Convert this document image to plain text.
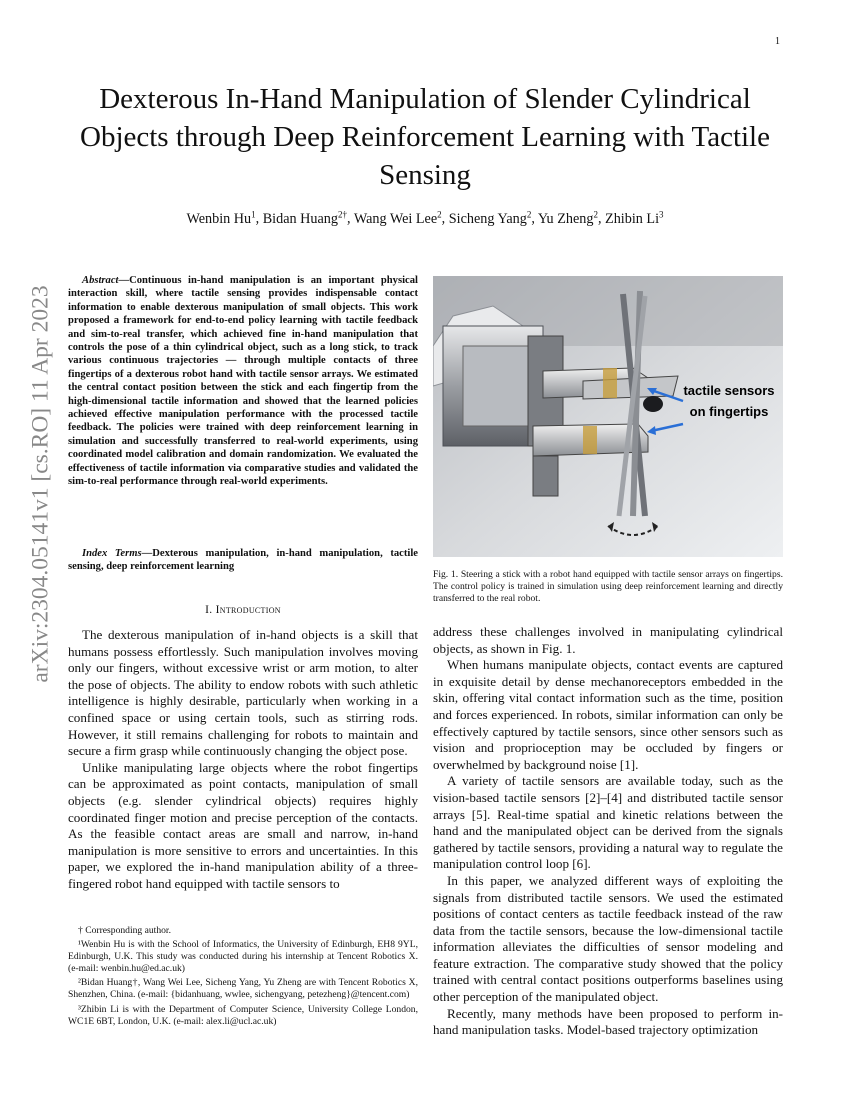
1
Dexterous In-Hand Manipulation of Slender Cylindrical Objects through Deep Reinforcement Learning with Tactile Sensing
Wenbin Hu$^1$, Bidan Huang$^{2\dagger}$, Wang Wei Lee$^2$, Sicheng Yang$^2$, Yu Zheng$^2$, Zhibin Li$^3$
arXiv:2304.05141v1 [cs.RO] 11 Apr 2023

Abstract—Continuous in-hand manipulation is an important physical interaction skill, where tactile sensing provides indispensable contact information to enable dexterous manipulation of small objects. This work proposed a framework for end-to-end policy learning with tactile feedback and sim-to-real transfer, which achieved fine in-hand manipulation that controls the pose of a thin cylindrical object, such as a long stick, to track various continuous trajectories — through multiple contacts of three fingertips of a dexterous robot hand with tactile sensor arrays. We estimated the central contact position between the stick and each fingertip from the high-dimensional tactile information and showed that the learned policies achieved effective manipulation performance with the processed tactile feedback. The policies were trained with deep reinforcement learning in simulation and successfully transferred to real-world experiments, using coordinated model calibration and domain randomization. We evaluated the effectiveness of tactile information via comparative studies and validated the sim-to-real performance through real-world experiments.

Index Terms—Dexterous manipulation, in-hand manipulation, tactile sensing, deep reinforcement learning

I. Introduction

The dexterous manipulation of in-hand objects is a skill that humans possess effortlessly. Such manipulation involves moving only our fingers, without excessive wrist or arm motion, to alter the pose of objects. The ability to endow robots with such athletic intelligence is highly desirable, particularly when working in a confined space or using certain tools, such as stirring rods. However, it still remains challenging for robots to maintain and secure a firm grasp while continuously changing the object pose.

Unlike manipulating large objects where the robot fingertips can be approximated as point contacts, manipulation of small objects (e.g. slender cylindrical objects) requires highly coordinated finger motion and precise perception of the contacts. As the feasible contact areas are small and narrow, in-hand manipulation is more sensitive to errors and uncertainties. In this paper, we explored the in-hand manipulation ability of a three-fingered robot hand equipped with tactile sensors to

† Corresponding author.

¹Wenbin Hu is with the School of Informatics, the University of Edinburgh, EH8 9YL, Edinburgh, U.K. This study was conducted during his internship at Tencent Robotics X. (e-mail: wenbin.hu@ed.ac.uk)

²Bidan Huang†, Wang Wei Lee, Sicheng Yang, Yu Zheng are with Tencent Robotics X, Shenzhen, China. (e-mail: {bidanhuang, wwlee, sichengyang, petezheng}@tencent.com)

³Zhibin Li is with the Department of Computer Science, University College London, WC1E 6BT, London, U.K. (e-mail: alex.li@ucl.ac.uk)

tactile sensors on fingertips
Fig. 1. Steering a stick with a robot hand equipped with tactile sensor arrays on fingertips. The control policy is trained in simulation using deep reinforcement learning and directly transferred to the real robot.

address these challenges involved in manipulating cylindrical objects, as shown in Fig. 1.

When humans manipulate objects, contact events are captured in exquisite detail by dense mechanoreceptors embedded in the skin, offering vital contact information such as the time, position and forces experienced. In robots, similar information can only be effectively captured by tactile sensors, since other sensors such as vision and proprioception may be occluded by fingers or overwhelmed by background noise [1].

A variety of tactile sensors are available today, such as the vision-based tactile sensors [2]–[4] and distributed tactile sensor arrays [5]. Real-time spatial and kinetic relations between the hand and the manipulated object can be derived from the signals gathered by tactile sensors, providing a natural way to regulate the manipulation control loop [6].

In this paper, we analyzed different ways of exploiting the signals from distributed tactile sensors. We used the estimated positions of contact centers as tactile feedback instead of the raw data from the tactile sensors, because the low-dimensional tactile information alleviates the difficulties of sensor modeling and feature extraction. The comparative study showed that the policy trained with central contact positions outperforms baselines using other perception of the manipulated object.

Recently, many methods have been proposed to perform in-hand manipulation tasks. Model-based trajectory optimization
